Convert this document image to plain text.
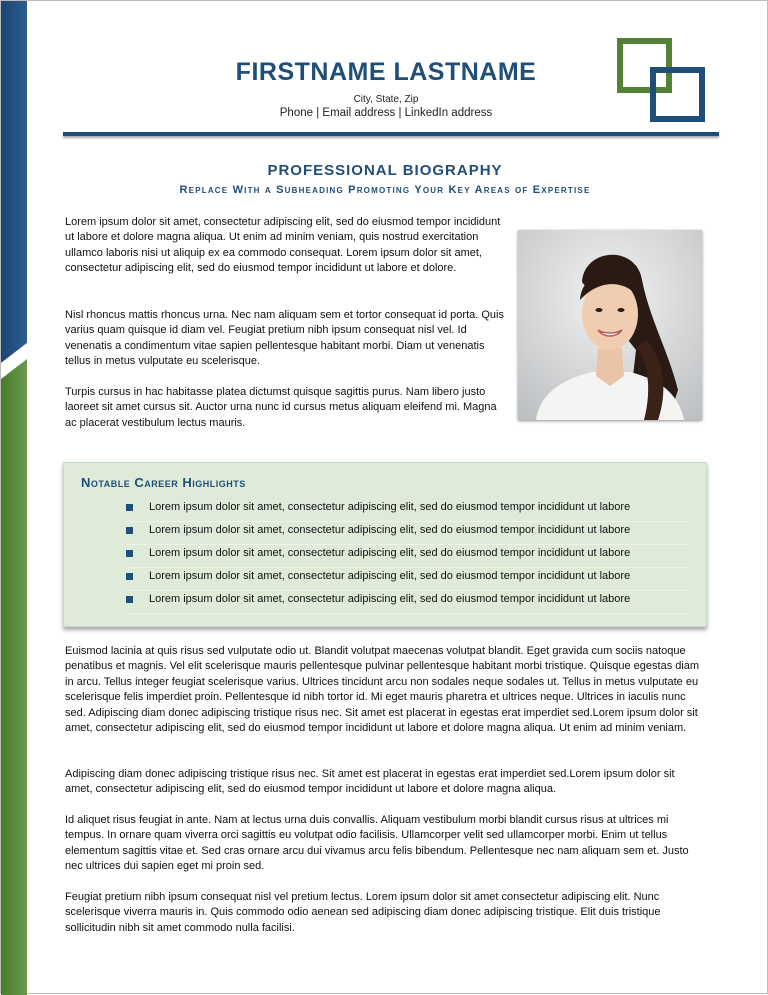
FIRSTNAME LASTNAME
City, State, Zip
Phone | Email address | LinkedIn address
PROFESSIONAL BIOGRAPHY
Replace With a Subheading Promoting Your Key Areas of Expertise
Lorem ipsum dolor sit amet, consectetur adipiscing elit, sed do eiusmod tempor incididunt ut labore et dolore magna aliqua. Ut enim ad minim veniam, quis nostrud exercitation ullamco laboris nisi ut aliquip ex ea commodo consequat. Lorem ipsum dolor sit amet, consectetur adipiscing elit, sed do eiusmod tempor incididunt ut labore et dolore.
Nisl rhoncus mattis rhoncus urna. Nec nam aliquam sem et tortor consequat id porta. Quis varius quam quisque id diam vel. Feugiat pretium nibh ipsum consequat nisl vel. Id venenatis a condimentum vitae sapien pellentesque habitant morbi. Diam ut venenatis tellus in metus vulputate eu scelerisque.
Turpis cursus in hac habitasse platea dictumst quisque sagittis purus. Nam libero justo laoreet sit amet cursus sit. Auctor urna nunc id cursus metus aliquam eleifend mi. Magna ac placerat vestibulum lectus mauris.
Notable Career Highlights
Lorem ipsum dolor sit amet, consectetur adipiscing elit, sed do eiusmod tempor incididunt ut labore
Lorem ipsum dolor sit amet, consectetur adipiscing elit, sed do eiusmod tempor incididunt ut labore
Lorem ipsum dolor sit amet, consectetur adipiscing elit, sed do eiusmod tempor incididunt ut labore
Lorem ipsum dolor sit amet, consectetur adipiscing elit, sed do eiusmod tempor incididunt ut labore
Lorem ipsum dolor sit amet, consectetur adipiscing elit, sed do eiusmod tempor incididunt ut labore
Euismod lacinia at quis risus sed vulputate odio ut. Blandit volutpat maecenas volutpat blandit. Eget gravida cum sociis natoque penatibus et magnis. Vel elit scelerisque mauris pellentesque pulvinar pellentesque habitant morbi tristique. Quisque egestas diam in arcu. Tellus integer feugiat scelerisque varius. Ultrices tincidunt arcu non sodales neque sodales ut. Tellus in metus vulputate eu scelerisque felis imperdiet proin. Pellentesque id nibh tortor id. Mi eget mauris pharetra et ultrices neque. Ultrices in iaculis nunc sed. Adipiscing diam donec adipiscing tristique risus nec. Sit amet est placerat in egestas erat imperdiet sed.Lorem ipsum dolor sit amet, consectetur adipiscing elit, sed do eiusmod tempor incididunt ut labore et dolore magna aliqua. Ut enim ad minim veniam.
Adipiscing diam donec adipiscing tristique risus nec. Sit amet est placerat in egestas erat imperdiet sed.Lorem ipsum dolor sit amet, consectetur adipiscing elit, sed do eiusmod tempor incididunt ut labore et dolore magna aliqua.
Id aliquet risus feugiat in ante. Nam at lectus urna duis convallis. Aliquam vestibulum morbi blandit cursus risus at ultrices mi tempus. In ornare quam viverra orci sagittis eu volutpat odio facilisis. Ullamcorper velit sed ullamcorper morbi. Enim ut tellus elementum sagittis vitae et. Sed cras ornare arcu dui vivamus arcu felis bibendum. Pellentesque nec nam aliquam sem et. Justo nec ultrices dui sapien eget mi proin sed.
Feugiat pretium nibh ipsum consequat nisl vel pretium lectus. Lorem ipsum dolor sit amet consectetur adipiscing elit. Nunc scelerisque viverra mauris in. Quis commodo odio aenean sed adipiscing diam donec adipiscing tristique. Elit duis tristique sollicitudin nibh sit amet commodo nulla facilisi.
